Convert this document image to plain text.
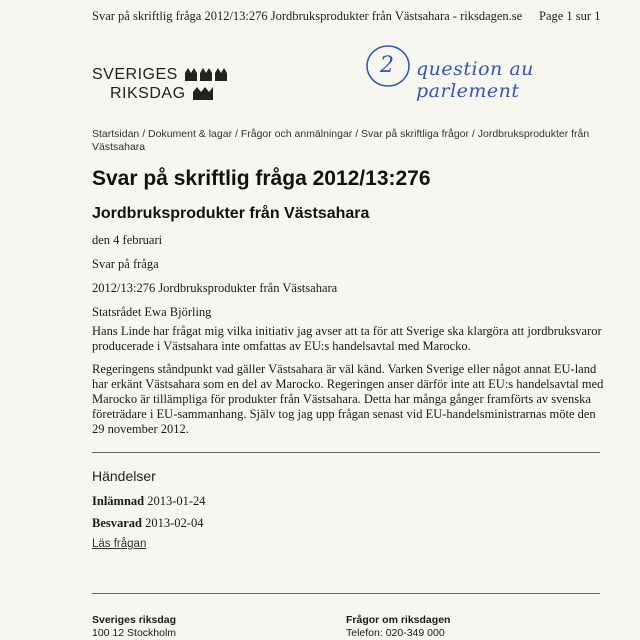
Svar på skriftlig fråga 2012/13:276 Jordbruksprodukter från Västsahara - riksdagen.se Page 1 sur 1
SVERIGES
RIKSDAG
2 question au parlement
Startsidan / Dokument & lagar / Frågor och anmälningar / Svar på skriftliga frågor / Jordbruksprodukter från Västsahara
Svar på skriftlig fråga 2012/13:276
Jordbruksprodukter från Västsahara
den 4 februari
Svar på fråga
2012/13:276 Jordbruksprodukter från Västsahara
Statsrådet Ewa Björling
Hans Linde har frågat mig vilka initiativ jag avser att ta för att Sverige ska klargöra att jordbruksvaror producerade i Västsahara inte omfattas av EU:s handelsavtal med Marocko.
Regeringens ståndpunkt vad gäller Västsahara är väl känd. Varken Sverige eller något annat EU-land har erkänt Västsahara som en del av Marocko. Regeringen anser därför inte att EU:s handelsavtal med Marocko är tillämpliga för produkter från Västsahara. Detta har många gånger framförts av svenska företrädare i EU-sammanhang. Själv tog jag upp frågan senast vid EU-handelsministrarnas möte den 29 november 2012.
Händelser
Inlämnad 2013-01-24
Besvarad 2013-02-04
Läs frågan
Sveriges riksdag
100 12 Stockholm
Frågor om riksdagen
Telefon: 020-349 000
